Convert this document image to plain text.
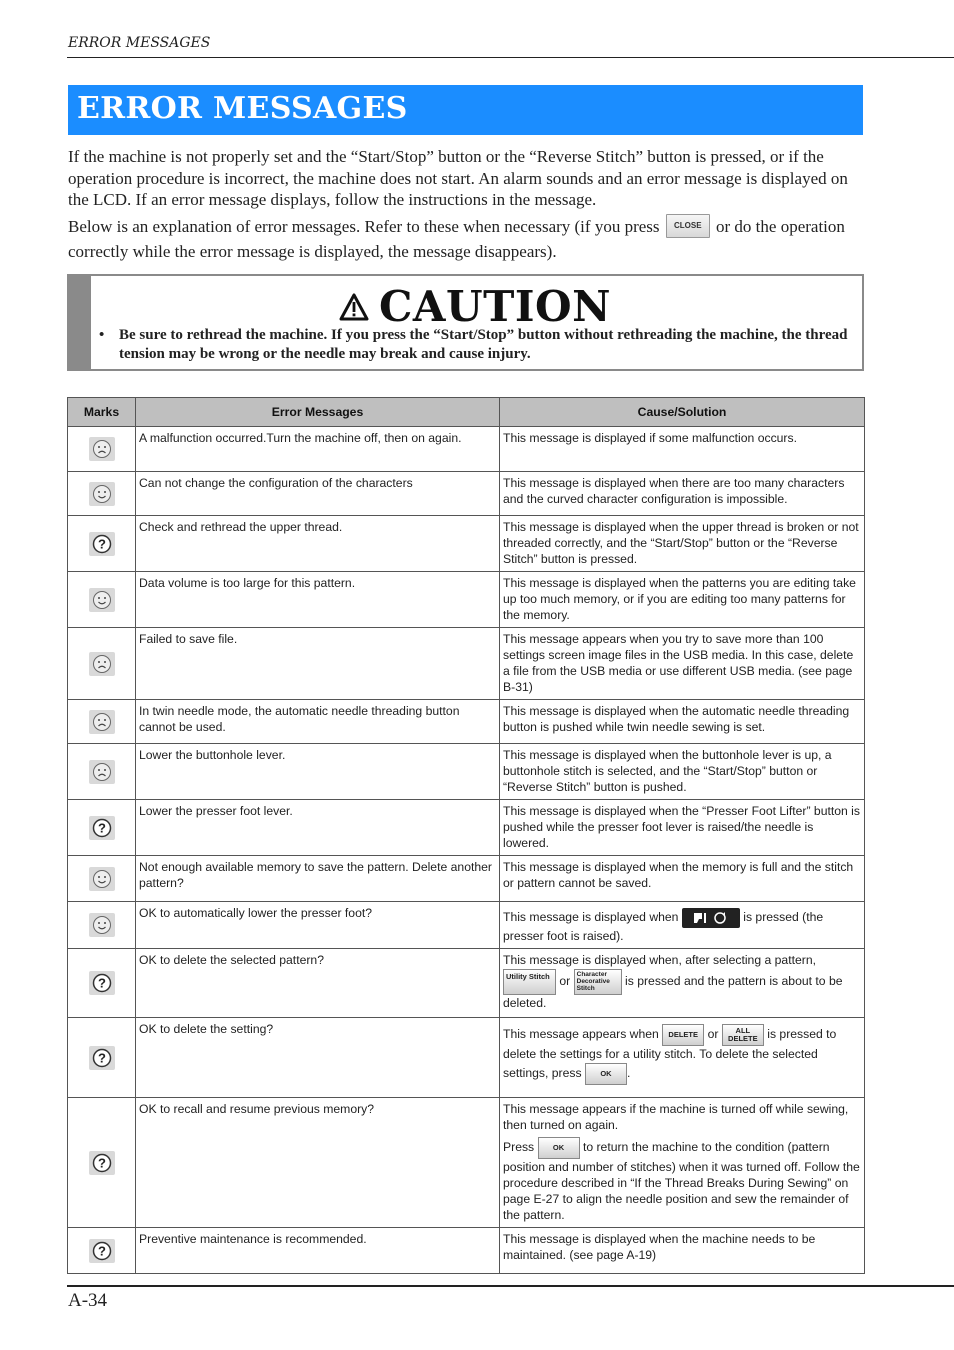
ERROR MESSAGES
ERROR MESSAGES
If the machine is not properly set and the “Start/Stop” button or the “Reverse Stitch” button is pressed, or if the operation procedure is incorrect, the machine does not start. An alarm sounds and an error message is displayed on the LCD. If an error message displays, follow the instructions in the message.
Below is an explanation of error messages. Refer to these when necessary (if you press CLOSE or do the operation correctly while the error message is displayed, the message disappears).
CAUTION
• Be sure to rethread the machine. If you press the “Start/Stop” button without rethreading the machine, the thread tension may be wrong or the needle may break and cause injury.
Marks	Error Messages	Cause/Solution

	A malfunction occurred.Turn the machine off, then on again.	This message is displayed if some malfunction occurs.

	Can not change the configuration of the characters	This message is displayed when there are too many characters and the curved character configuration is impossible.

?	Check and rethread the upper thread.	This message is displayed when the upper thread is broken or not threaded correctly, and the “Start/Stop” button or the “Reverse Stitch” button is pressed.

	Data volume is too large for this pattern.	This message is displayed when the patterns you are editing take up too much memory, or if you are editing too many patterns for the memory.

	Failed to save file.	This message appears when you try to save more than 100 settings screen image files in the USB media. In this case, delete a file from the USB media or use different USB media. (see page B-31)

	In twin needle mode, the automatic needle threading button cannot be used.	This message is displayed when the automatic needle threading button is pushed while twin needle sewing is set.

	Lower the buttonhole lever.	This message is displayed when the buttonhole lever is up, a buttonhole stitch is selected, and the “Start/Stop” button or “Reverse Stitch” button is pushed.

?	Lower the presser foot lever.	This message is displayed when the “Presser Foot Lifter” button is pushed while the presser foot lever is raised/the needle is lowered.

	Not enough available memory to save the pattern. Delete another pattern?	This message is displayed when the memory is full and the stitch or pattern cannot be saved.

	OK to automatically lower the presser foot?	This message is displayed when is pressed (the presser foot is raised).

?	OK to delete the selected pattern?	This message is displayed when, after selecting a pattern,
Utility Stitch or Character Decorative Stitch is pressed and the pattern is about to be deleted.

?	OK to delete the setting?	This message appears when DELETE or ALL DELETE is pressed to delete the settings for a utility stitch. To delete the selected settings, press OK .

?	OK to recall and resume previous memory?	This message appears if the machine is turned off while sewing, then turned on again.
Press OK to return the machine to the condition (pattern position and number of stitches) when it was turned off. Follow the procedure described in “If the Thread Breaks During Sewing” on page E-27 to align the needle position and sew the remainder of the pattern.

?	Preventive maintenance is recommended.	This message is displayed when the machine needs to be maintained. (see page A-19)
A-34
